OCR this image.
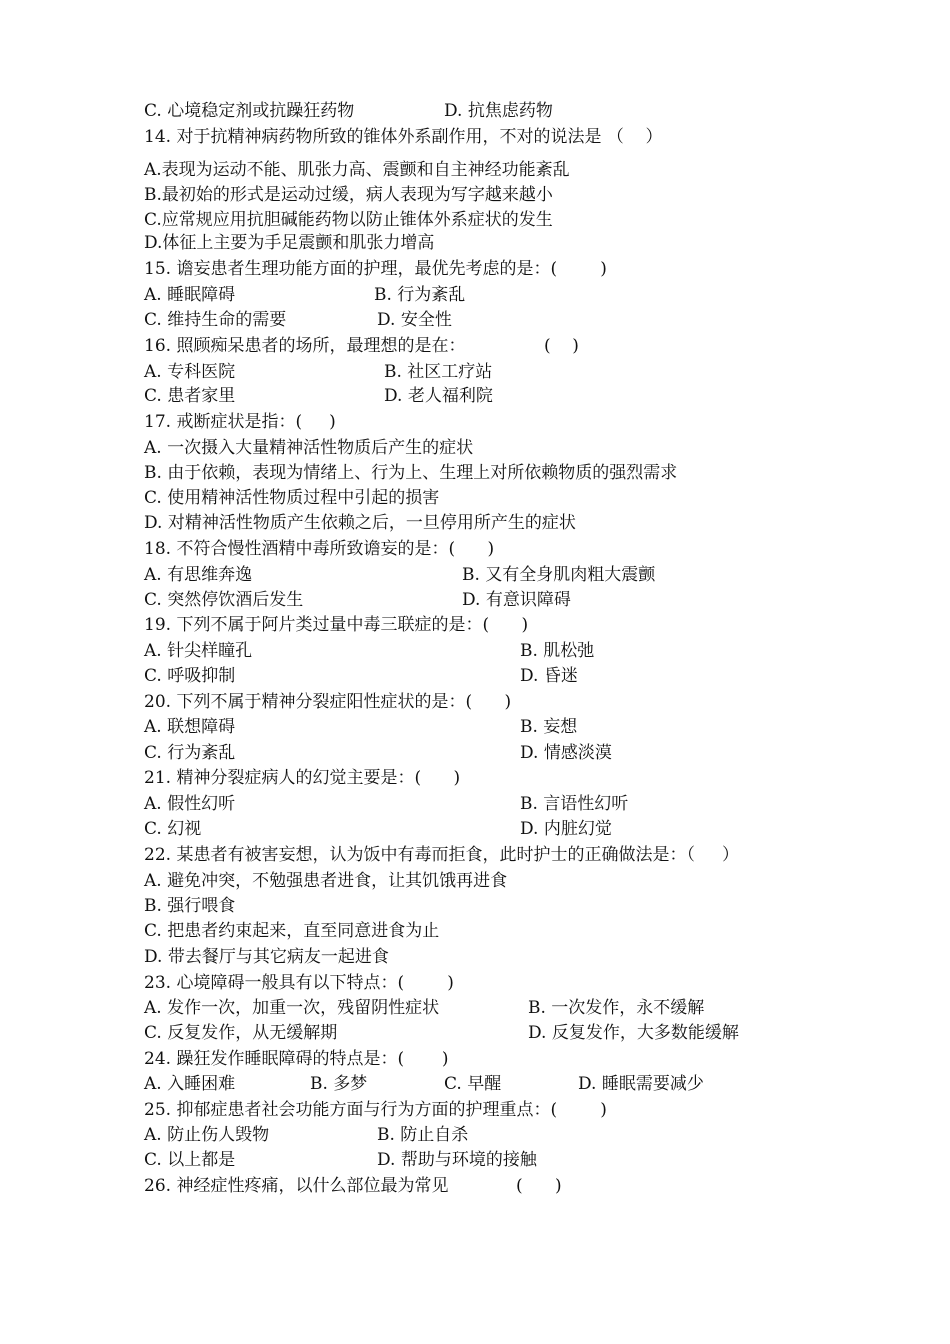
C. 心境稳定剂或抗躁狂药物	D. 抗焦虑药物
14. 对于抗精神病药物所致的锥体外系副作用，不对的说法是 （    ）
A.表现为运动不能、肌张力高、震颤和自主神经功能紊乱
B.最初始的形式是运动过缓，病人表现为写字越来越小
C.应常规应用抗胆碱能药物以防止锥体外系症状的发生
D.体征上主要为手足震颤和肌张力增高
15. 谵妄患者生理功能方面的护理，最优先考虑的是：(        )
A. 睡眠障碍	B. 行为紊乱
C. 维持生命的需要	D. 安全性
16. 照顾痴呆患者的场所，最理想的是在：	(    )
A. 专科医院	B. 社区工疗站
C. 患者家里	D. 老人福利院
17. 戒断症状是指：(     )
A. 一次摄入大量精神活性物质后产生的症状
B. 由于依赖，表现为情绪上、行为上、生理上对所依赖物质的强烈需求
C. 使用精神活性物质过程中引起的损害
D. 对精神活性物质产生依赖之后，一旦停用所产生的症状
18. 不符合慢性酒精中毒所致谵妄的是：(      )
A. 有思维奔逸	B. 又有全身肌肉粗大震颤
C. 突然停饮酒后发生	D. 有意识障碍
19. 下列不属于阿片类过量中毒三联症的是：(      )
A. 针尖样瞳孔	B. 肌松弛
C. 呼吸抑制	D. 昏迷
20. 下列不属于精神分裂症阳性症状的是：(      )
A. 联想障碍	B. 妄想
C. 行为紊乱	D. 情感淡漠
21. 精神分裂症病人的幻觉主要是：(      )
A. 假性幻听	B. 言语性幻听
C. 幻视	D. 内脏幻觉
22. 某患者有被害妄想，认为饭中有毒而拒食，此时护士的正确做法是：（     ）
A. 避免冲突，不勉强患者进食，让其饥饿再进食
B. 强行喂食
C. 把患者约束起来，直至同意进食为止
D. 带去餐厅与其它病友一起进食
23. 心境障碍一般具有以下特点：(        )
A. 发作一次，加重一次，残留阴性症状	B. 一次发作，永不缓解
C. 反复发作，从无缓解期	D. 反复发作，大多数能缓解
24. 躁狂发作睡眠障碍的特点是：(       )
A. 入睡困难	B. 多梦	C. 早醒	D. 睡眠需要减少
25. 抑郁症患者社会功能方面与行为方面的护理重点：(        )
A. 防止伤人毁物	B. 防止自杀
C. 以上都是	D. 帮助与环境的接触
26. 神经症性疼痛，以什么部位最为常见	(      )
